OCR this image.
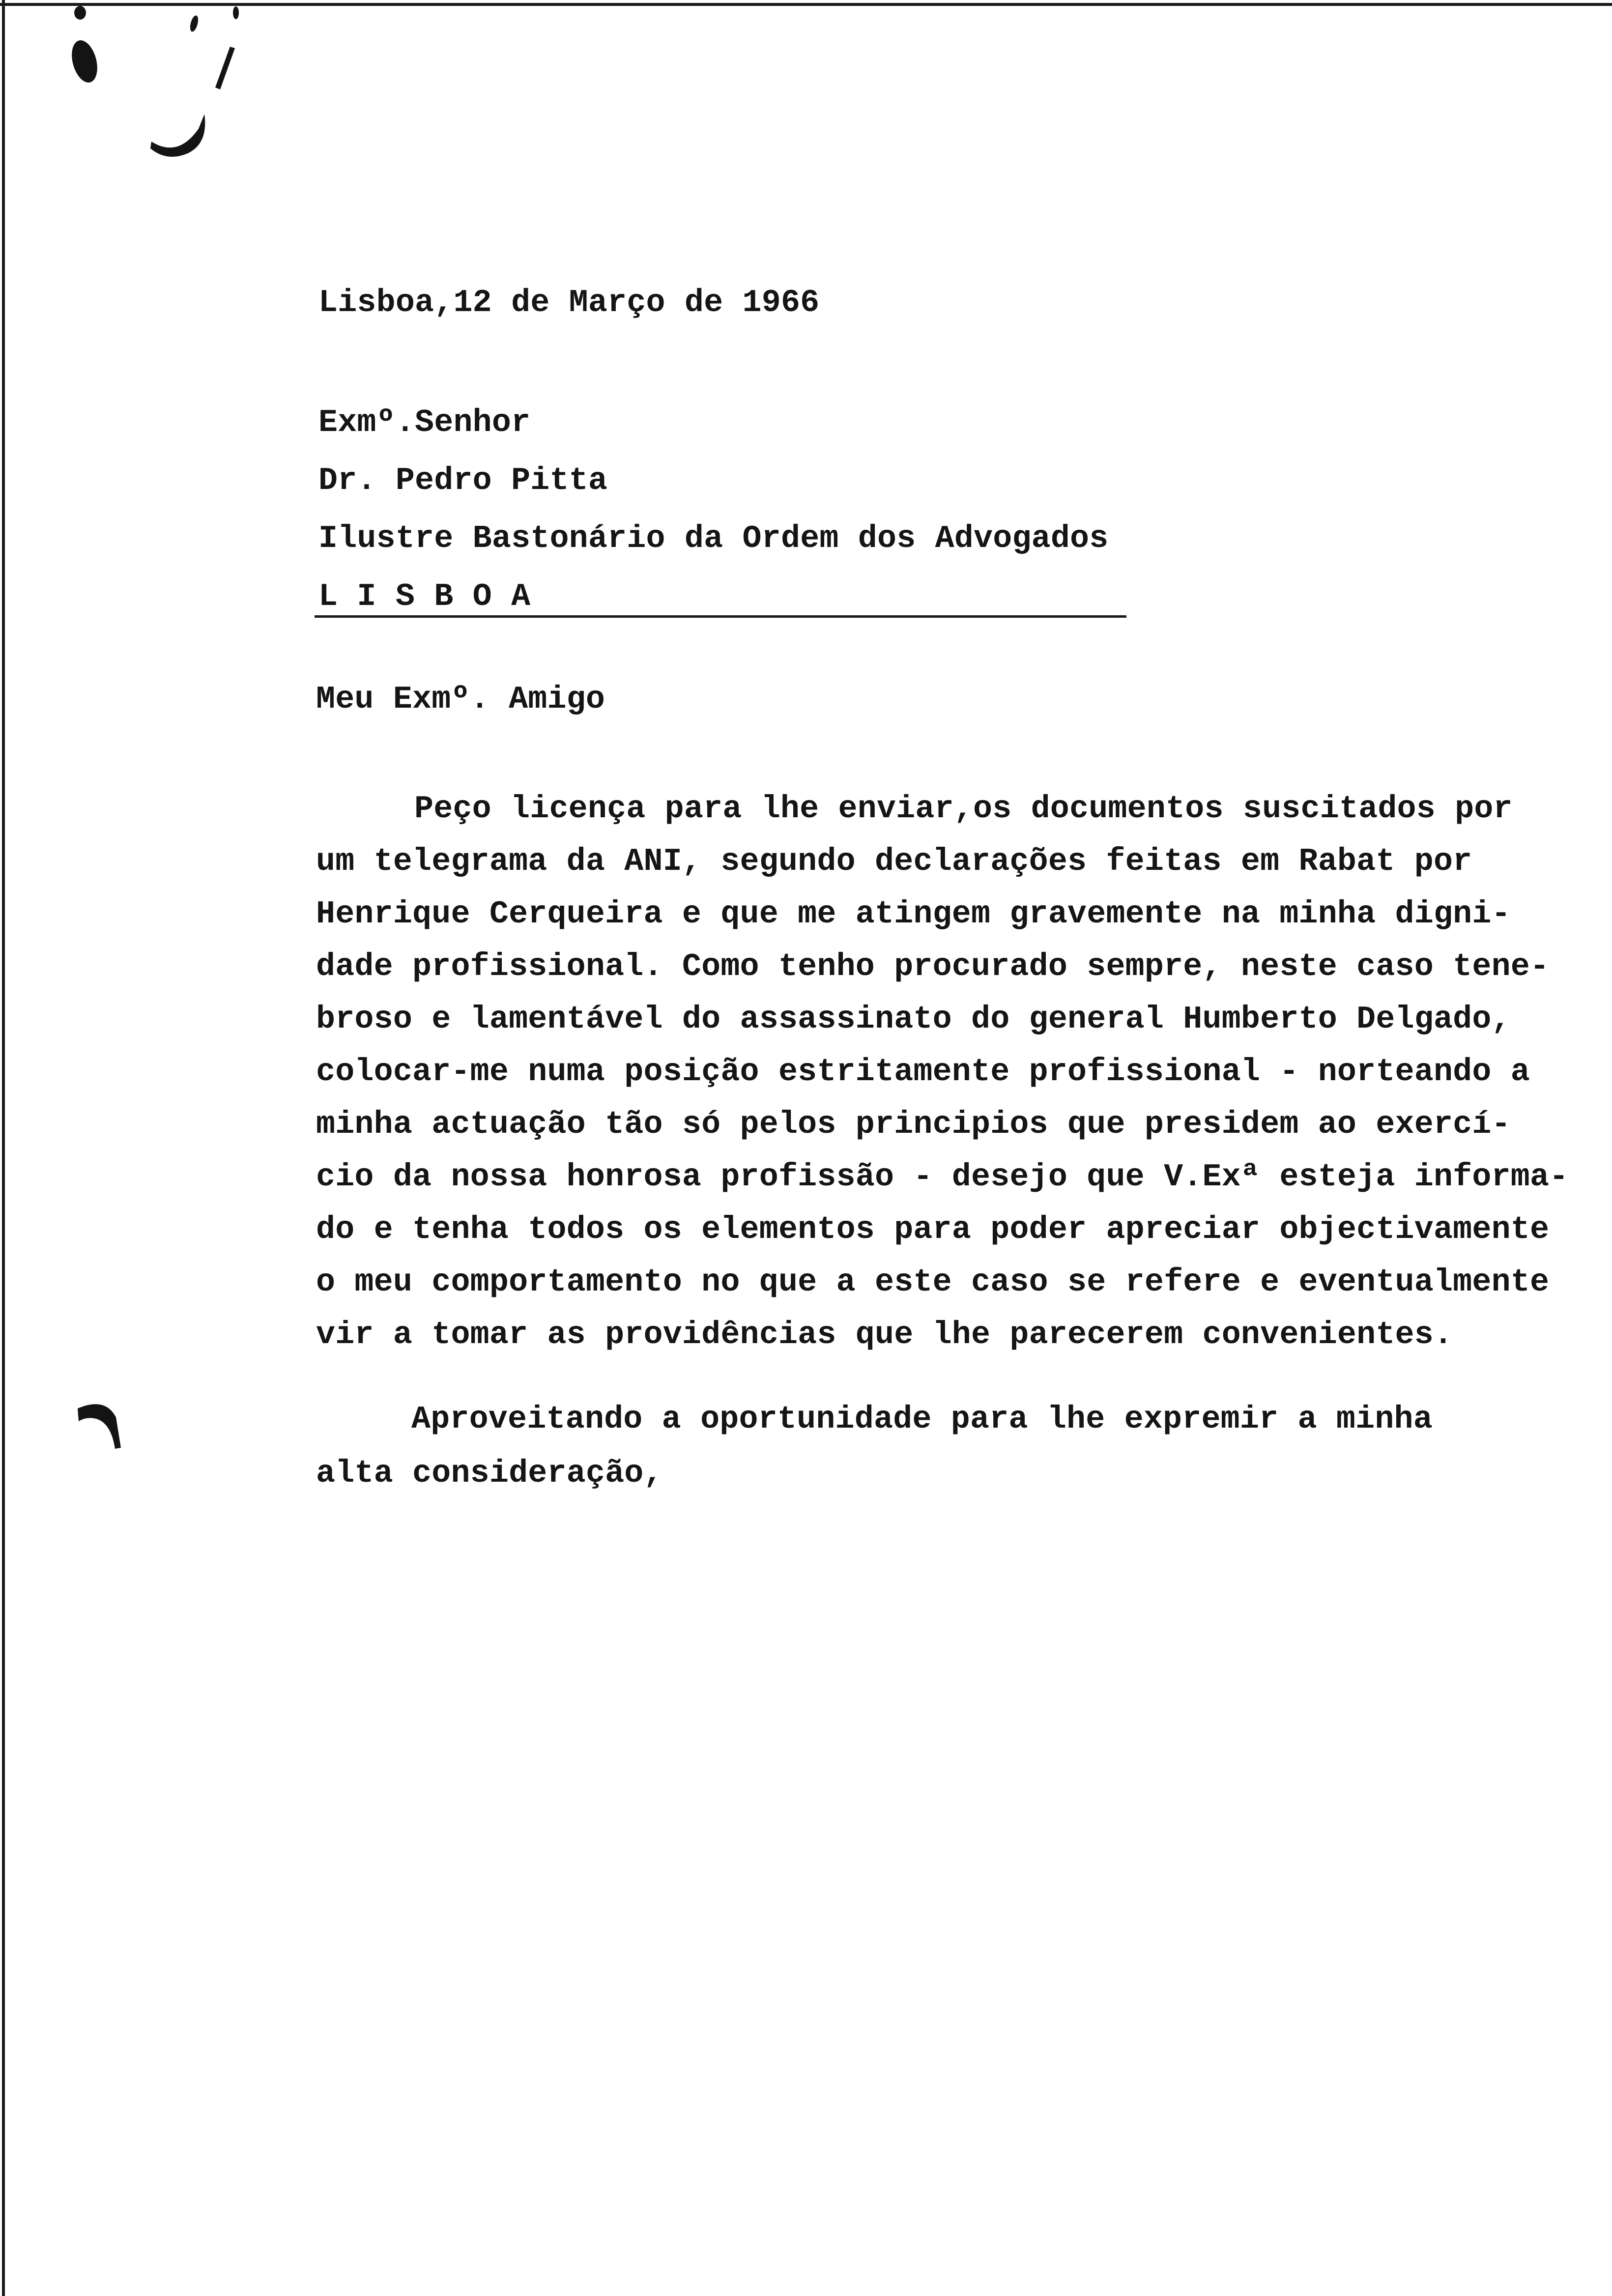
Lisboa,12 de Março de 1966
Exmº.Senhor
Dr. Pedro Pitta
Ilustre Bastonário da Ordem dos Advogados
L I S B O A
Meu Exmº. Amigo
Peço licença para lhe enviar,os documentos suscitados por
um telegrama da ANI, segundo declarações feitas em Rabat por
Henrique Cerqueira e que me atingem gravemente na minha digni-
dade profissional. Como tenho procurado sempre, neste caso tene-
broso e lamentável do assassinato do general Humberto Delgado,
colocar-me numa posição estritamente profissional - norteando a
minha actuação tão só pelos principios que presidem ao exercí-
cio da nossa honrosa profissão - desejo que V.Exª esteja informa-
do e tenha todos os elementos para poder apreciar objectivamente
o meu comportamento no que a este caso se refere e eventualmente
vir a tomar as providências que lhe parecerem convenientes.
Aproveitando a oportunidade para lhe expremir a minha
alta consideração,
